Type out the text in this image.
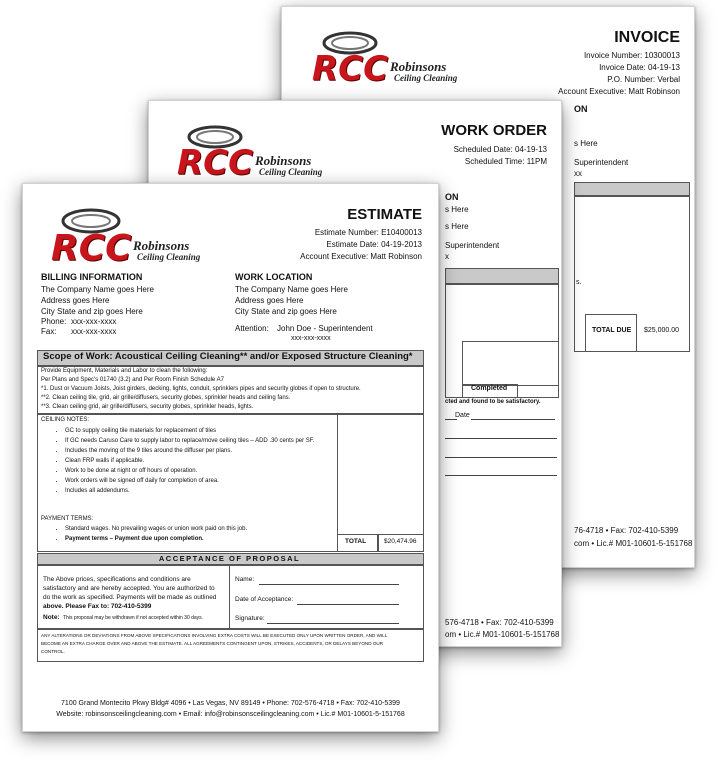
RCC Robinsons
Ceiling Cleaning
INVOICE
Invoice Number: 10300013
Invoice Date: 04-19-13
P.O. Number: Verbal
Account Executive: Matt Robinson
ON
s Here
Superintendent
xx
s.
TOTAL DUE $25,000.00
76-4718 • Fax: 702-410-5399
com • Lic.# M01-10601-5-151768
RCC Robinsons
Ceiling Cleaning
WORK ORDER
Scheduled Date: 04-19-13
Scheduled Time: 11PM
ON
s Here
s Here
Superintendent
x
Completed
cted and found to be satisfactory.
Date
576-4718 • Fax: 702-410-5399
om • Lic.# M01-10601-5-151768
RCC Robinsons
Ceiling Cleaning
ESTIMATE
Estimate Number: E10400013
Estimate Date: 04-19-2013
Account Executive: Matt Robinson
BILLING INFORMATION
The Company Name goes Here
Address goes Here
City State and zip goes Here
Phone: xxx-xxx-xxxx
Fax: xxx-xxx-xxxx
WORK LOCATION
The Company Name goes Here
Address goes Here
City State and zip goes Here
Attention: John Doe - Superintendent
xxx-xxx-xxxx
Scope of Work: Acoustical Ceiling Cleaning** and/or Exposed Structure Cleaning*
Provide Equipment, Materials and Labor to clean the following:
Per Plans and Spec's 01740 (3.2) and Per Room Finish Schedule A7
*1. Dust or Vacuum Joists, Joist girders, decking, lights, conduit, sprinklers pipes and security globes if open to structure.
**2. Clean ceiling tile, grid, air grille/diffusers, security globes, sprinkler heads and ceiling fans.
**3. Clean ceiling grid, air grille/diffusers, security globes, sprinkler heads, lights.
TOTAL	$20,474.96
CEILING NOTES:
• GC to supply ceiling tile materials for replacement of tiles
• If GC needs Caruso Care to supply labor to replace/move ceiling tiles – ADD .30 cents per SF.
• Includes the moving of the 9 tiles around the diffuser per plans.
• Clean FRP walls if applicable.
• Work to be done at night or off hours of operation.
• Work orders will be signed off daily for completion of area.
• Includes all addendums.
PAYMENT TERMS:
• Standard wages. No prevailing wages or union work paid on this job.
• Payment terms – Payment due upon completion.
ACCEPTANCE OF PROPOSAL
The Above prices, specifications and conditions are
satisfactory and are hereby accepted. You are authorized to
do the work as specified. Payments will be made as outlined
above. Please Fax to: 702-410-5399
Note: This proposal may be withdrawn if not accepted within 30 days.
Name:
Date of Acceptance:
Signature:
ANY ALTERATIONS OR DEVIATIONS FROM ABOVE SPECIFICATIONS INVOLVING EXTRA COSTS WILL BE EXECUTED ONLY UPON WRITTEN ORDER, AND WILL
BECOME AN EXTRA CHARGE OVER AND ABOVE THE ESTIMATE. ALL AGREEMENTS CONTINGENT UPON, STRIKES, ACCIDENTS, OR DELAYS BEYOND OUR
CONTROL.
7100 Grand Montecito Pkwy Bldg# 4096 • Las Vegas, NV 89149 • Phone: 702-576-4718 • Fax: 702-410-5399
Website: robinsonsceilingcleaning.com • Email: info@robinsonsceilingcleaning.com • Lic.# M01-10601-5-151768
